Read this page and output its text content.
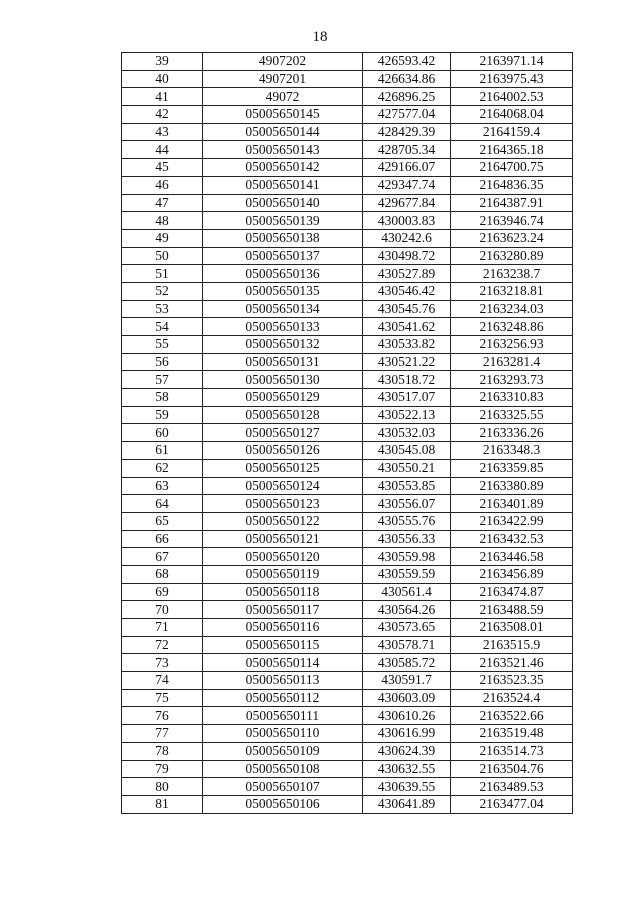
18
39	4907202	426593.42	2163971.14
40	4907201	426634.86	2163975.43
41	49072	426896.25	2164002.53
42	05005650145	427577.04	2164068.04
43	05005650144	428429.39	2164159.4
44	05005650143	428705.34	2164365.18
45	05005650142	429166.07	2164700.75
46	05005650141	429347.74	2164836.35
47	05005650140	429677.84	2164387.91
48	05005650139	430003.83	2163946.74
49	05005650138	430242.6	2163623.24
50	05005650137	430498.72	2163280.89
51	05005650136	430527.89	2163238.7
52	05005650135	430546.42	2163218.81
53	05005650134	430545.76	2163234.03
54	05005650133	430541.62	2163248.86
55	05005650132	430533.82	2163256.93
56	05005650131	430521.22	2163281.4
57	05005650130	430518.72	2163293.73
58	05005650129	430517.07	2163310.83
59	05005650128	430522.13	2163325.55
60	05005650127	430532.03	2163336.26
61	05005650126	430545.08	2163348.3
62	05005650125	430550.21	2163359.85
63	05005650124	430553.85	2163380.89
64	05005650123	430556.07	2163401.89
65	05005650122	430555.76	2163422.99
66	05005650121	430556.33	2163432.53
67	05005650120	430559.98	2163446.58
68	05005650119	430559.59	2163456.89
69	05005650118	430561.4	2163474.87
70	05005650117	430564.26	2163488.59
71	05005650116	430573.65	2163508.01
72	05005650115	430578.71	2163515.9
73	05005650114	430585.72	2163521.46
74	05005650113	430591.7	2163523.35
75	05005650112	430603.09	2163524.4
76	05005650111	430610.26	2163522.66
77	05005650110	430616.99	2163519.48
78	05005650109	430624.39	2163514.73
79	05005650108	430632.55	2163504.76
80	05005650107	430639.55	2163489.53
81	05005650106	430641.89	2163477.04
